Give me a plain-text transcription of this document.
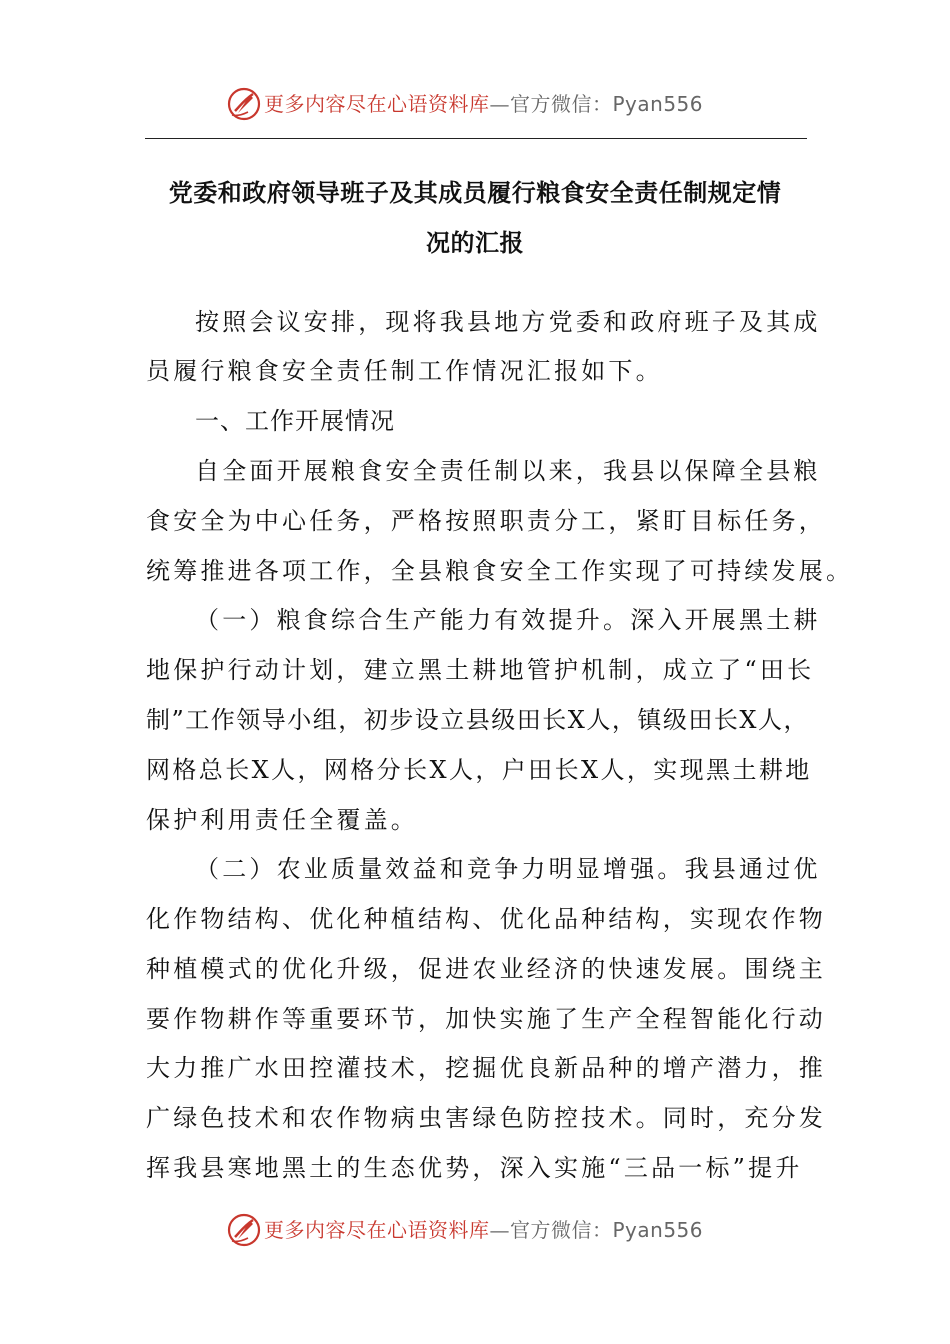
更多内容尽在心语资料库—官方微信：Pyan556
党委和政府领导班子及其成员履行粮食安全责任制规定情
况的汇报
按照会议安排，现将我县地方党委和政府班子及其成
员履行粮食安全责任制工作情况汇报如下。
一、工作开展情况
自全面开展粮食安全责任制以来，我县以保障全县粮
食安全为中心任务，严格按照职责分工，紧盯目标任务，
统筹推进各项工作，全县粮食安全工作实现了可持续发展。
（一）粮食综合生产能力有效提升。深入开展黑土耕
地保护行动计划，建立黑土耕地管护机制，成立了“田长
制”工作领导小组，初步设立县级田长X人，镇级田长X人，
网格总长X人，网格分长X人，户田长X人，实现黑土耕地
保护利用责任全覆盖。
（二）农业质量效益和竞争力明显增强。我县通过优
化作物结构、优化种植结构、优化品种结构，实现农作物
种植模式的优化升级，促进农业经济的快速发展。围绕主
要作物耕作等重要环节，加快实施了生产全程智能化行动
大力推广水田控灌技术，挖掘优良新品种的增产潜力，推
广绿色技术和农作物病虫害绿色防控技术。同时，充分发
挥我县寒地黑土的生态优势，深入实施“三品一标”提升
更多内容尽在心语资料库—官方微信：Pyan556
